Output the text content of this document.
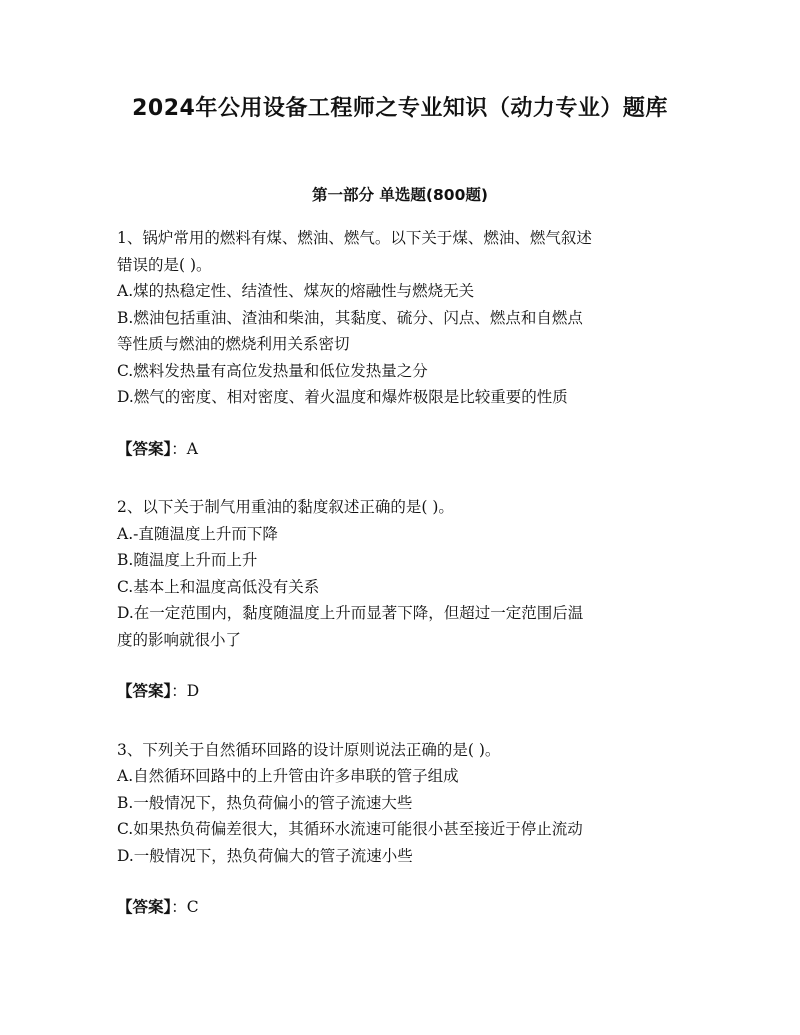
2024年公用设备工程师之专业知识（动力专业）题库
第一部分 单选题(800题)

1、锅炉常用的燃料有煤、燃油、燃气。以下关于煤、燃油、燃气叙述

错误的是( )。

A.煤的热稳定性、结渣性、煤灰的熔融性与燃烧无关

B.燃油包括重油、渣油和柴油，其黏度、硫分、闪点、燃点和自燃点

等性质与燃油的燃烧利用关系密切

C.燃料发热量有高位发热量和低位发热量之分

D.燃气的密度、相对密度、着火温度和爆炸极限是比较重要的性质

【答案】：A

2、以下关于制气用重油的黏度叙述正确的是( )。

A.-直随温度上升而下降

B.随温度上升而上升

C.基本上和温度高低没有关系

D.在一定范围内，黏度随温度上升而显著下降，但超过一定范围后温

度的影响就很小了

【答案】：D

3、下列关于自然循环回路的设计原则说法正确的是( )。

A.自然循环回路中的上升管由许多串联的管子组成

B.一般情况下，热负荷偏小的管子流速大些

C.如果热负荷偏差很大，其循环水流速可能很小甚至接近于停止流动

D.一般情况下，热负荷偏大的管子流速小些

【答案】：C
